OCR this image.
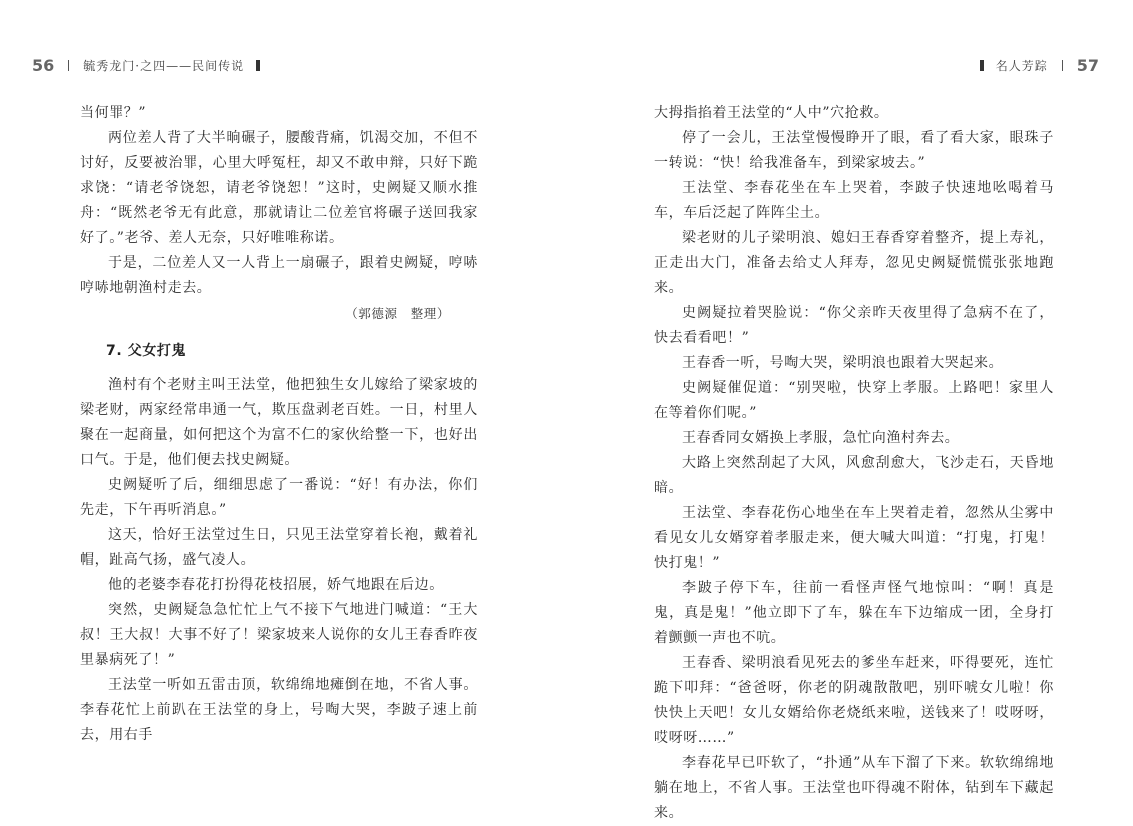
56 毓秀龙门·之四——民间传说

当何罪？”

两位差人背了大半晌碾子，腰酸背痛，饥渴交加，不但不讨好，反要被治罪，心里大呼冤枉，却又不敢申辩，只好下跪求饶：“请老爷饶恕，请老爷饶恕！”这时，史阙疑又顺水推舟：“既然老爷无有此意，那就请让二位差官将碾子送回我家好了。”老爷、差人无奈，只好唯唯称诺。

于是，二位差人又一人背上一扇碾子，跟着史阙疑，哼哧哼哧地朝渔村走去。

（郭德源　整理）

7. 父女打鬼

渔村有个老财主叫王法堂，他把独生女儿嫁给了梁家坡的梁老财，两家经常串通一气，欺压盘剥老百姓。一日，村里人聚在一起商量，如何把这个为富不仁的家伙给整一下，也好出口气。于是，他们便去找史阙疑。

史阙疑听了后，细细思虑了一番说：“好！有办法，你们先走，下午再听消息。”

这天，恰好王法堂过生日，只见王法堂穿着长袍，戴着礼帽，趾高气扬，盛气凌人。

他的老婆李春花打扮得花枝招展，娇气地跟在后边。

突然，史阙疑急急忙忙上气不接下气地进门喊道：“王大叔！王大叔！大事不好了！梁家坡来人说你的女儿王春香昨夜里暴病死了！”

王法堂一听如五雷击顶，软绵绵地瘫倒在地，不省人事。李春花忙上前趴在王法堂的身上，号啕大哭，李跛子速上前去，用右手

名人芳踪 57

大拇指掐着王法堂的“人中”穴抢救。

停了一会儿，王法堂慢慢睁开了眼，看了看大家，眼珠子一转说：“快！给我准备车，到梁家坡去。”

王法堂、李春花坐在车上哭着，李跛子快速地吆喝着马车，车后泛起了阵阵尘土。

梁老财的儿子梁明浪、媳妇王春香穿着整齐，提上寿礼，正走出大门，准备去给丈人拜寿，忽见史阙疑慌慌张张地跑来。

史阙疑拉着哭脸说：“你父亲昨天夜里得了急病不在了，快去看看吧！”

王春香一听，号啕大哭，梁明浪也跟着大哭起来。

史阙疑催促道：“别哭啦，快穿上孝服。上路吧！家里人在等着你们呢。”

王春香同女婿换上孝服，急忙向渔村奔去。

大路上突然刮起了大风，风愈刮愈大，飞沙走石，天昏地暗。

王法堂、李春花伤心地坐在车上哭着走着，忽然从尘雾中看见女儿女婿穿着孝服走来，便大喊大叫道：“打鬼，打鬼！快打鬼！”

李跛子停下车，往前一看怪声怪气地惊叫：“啊！真是鬼，真是鬼！”他立即下了车，躲在车下边缩成一团，全身打着颤颤一声也不吭。

王春香、梁明浪看见死去的爹坐车赶来，吓得要死，连忙跪下叩拜：“爸爸呀，你老的阴魂散散吧，别吓唬女儿啦！你快快上天吧！女儿女婿给你老烧纸来啦，送钱来了！哎呀呀，哎呀呀……”

李春花早已吓软了，“扑通”从车下溜了下来。软软绵绵地躺在地上，不省人事。王法堂也吓得魂不附体，钻到车下藏起来。
